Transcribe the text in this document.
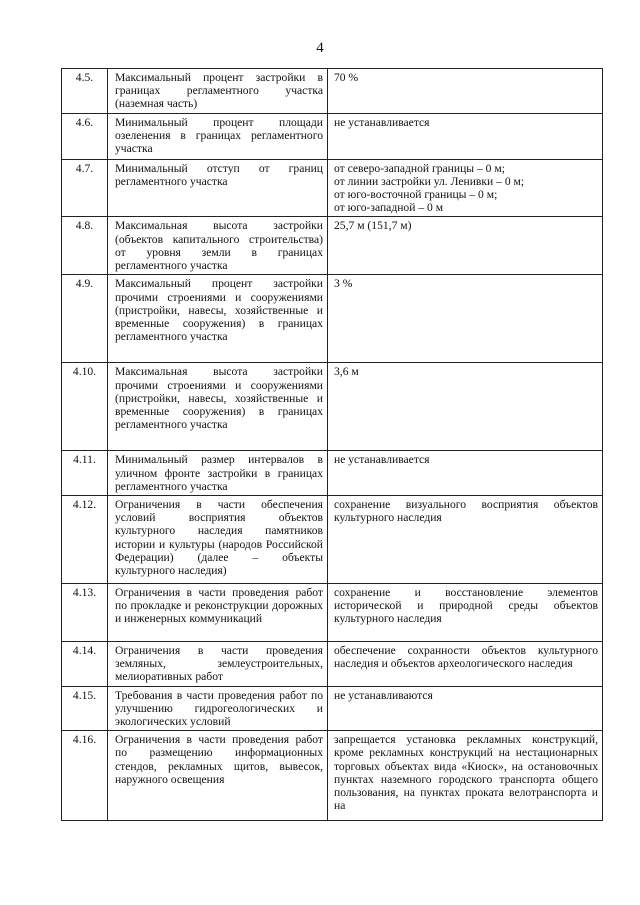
4
4.5.	Максимальный процент застройки в границах регламентного участка (наземная часть)	70 %

4.6.	Минимальный процент площади озеленения в границах регламентного участка	не устанавливается

4.7.	Минимальный отступ от границ регламентного участка	от северо-западной границы – 0 м;
от линии застройки ул. Ленивки – 0 м;
от юго-восточной границы – 0 м;
от юго-западной – 0 м

4.8.	Максимальная высота застройки (объектов капитального строительства) от уровня земли в границах регламентного участка	25,7 м (151,7 м)

4.9.	Максимальный процент застройки прочими строениями и сооружениями (пристройки, навесы, хозяйственные и временные сооружения) в границах регламентного участка	3 %

4.10.	Максимальная высота застройки прочими строениями и сооружениями (пристройки, навесы, хозяйственные и временные сооружения) в границах регламентного участка	3,6 м

4.11.	Минимальный размер интервалов в уличном фронте застройки в границах регламентного участка	не устанавливается

4.12.	Ограничения в части обеспечения условий восприятия объектов культурного наследия памятников истории и культуры (народов Российской Федерации) (далее – объекты культурного наследия)	сохранение визуального восприятия объектов культурного наследия

4.13.	Ограничения в части проведения работ по прокладке и реконструкции дорожных и инженерных коммуникаций	сохранение и восстановление элементов исторической и природной среды объектов культурного наследия

4.14.	Ограничения в части проведения земляных, землеустроительных, мелиоративных работ	обеспечение сохранности объектов культурного наследия и объектов археологического наследия

4.15.	Требования в части проведения работ по улучшению гидрогеологических и экологических условий	не устанавливаются

4.16.	Ограничения в части проведения работ по размещению информационных стендов, рекламных щитов, вывесок, наружного освещения	запрещается установка рекламных конструкций, кроме рекламных конструкций на нестационарных торговых объектах вида «Киоск», на остановочных пунктах наземного городского транспорта общего пользования, на пунктах проката велотранспорта и на
